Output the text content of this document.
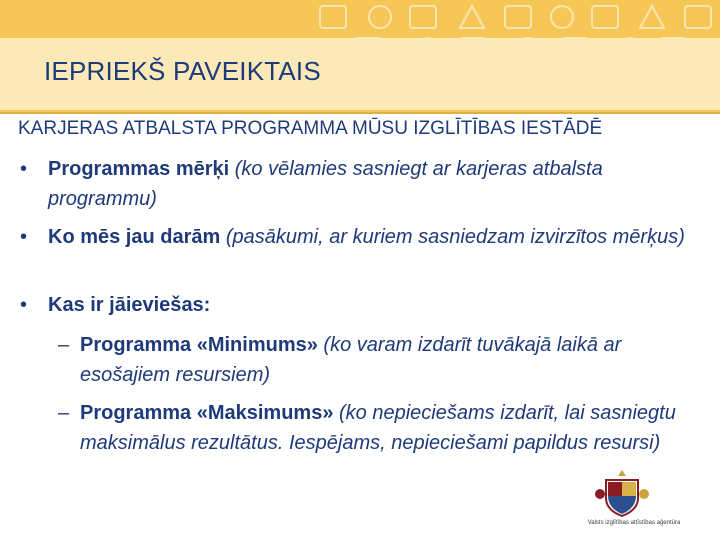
IEPRIEKŠ PAVEIKTAIS
KARJERAS ATBALSTA PROGRAMMA MŪSU IZGLĪTĪBAS IESTĀDĒ
•	Programmas mērķi (ko vēlamies sasniegt ar karjeras atbalsta programmu)
•	Ko mēs jau darām (pasākumi, ar kuriem sasniedzam izvirzītos mērķus)
•	Kas ir jāieviešas:
– Programma «Minimums» (ko varam izdarīt tuvākajā laikā ar esošajiem resursiem)
– Programma «Maksimums» (ko nepieciešams izdarīt, lai sasniegtu maksimālus rezultātus. Iespējams, nepieciešami papildus resursi)
Valsts izglītības attīstības aģentūra
